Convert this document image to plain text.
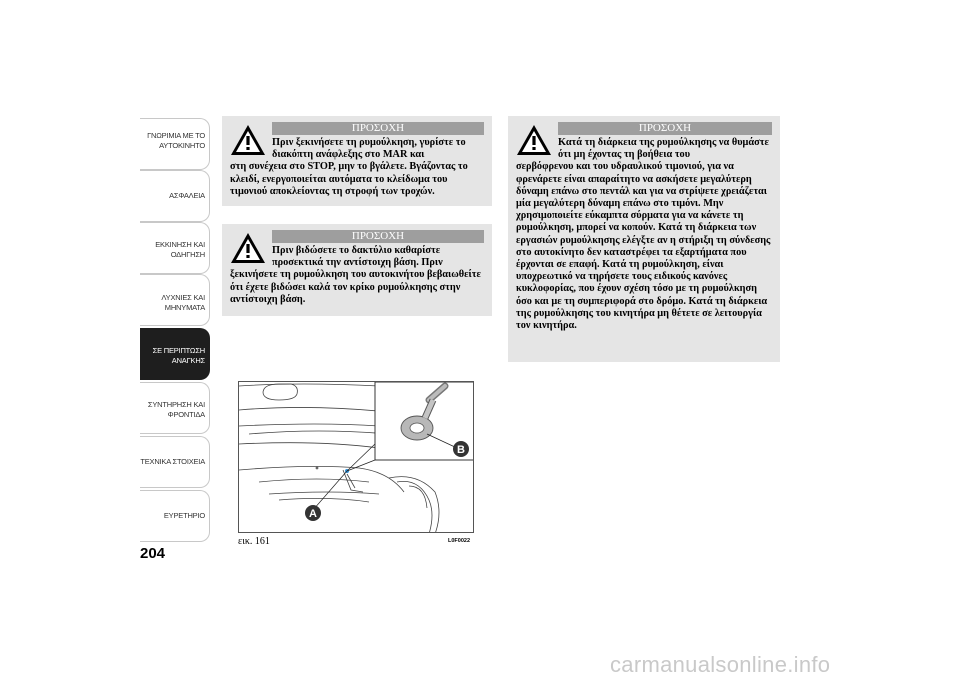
ΓΝΩΡΙΜΙΑ ΜΕ ΤΟ
ΑΥΤΟΚΙΝΗΤΟ
ΑΣΦΑΛΕΙΑ
ΕΚΚΙΝΗΣΗ ΚΑΙ
ΟΔΗΓΗΣΗ
ΛΥΧΝΙΕΣ ΚΑΙ
ΜΗΝΥΜΑΤΑ
ΣΕ ΠΕΡΙΠΤΩΣΗ
ΑΝΑΓΚΗΣ
ΣΥΝΤΗΡΗΣΗ ΚΑΙ
ΦΡΟΝΤΙΔΑ
ΤΕΧΝΙΚΑ ΣΤΟΙΧΕΙΑ
ΕΥΡΕΤΗΡΙΟ
204
ΠΡΟΣΟΧΗ
Πριν ξεκινήσετε τη ρυμούλκηση, γυρίστε το διακόπτη ανάφλεξης στο MAR και
στη συνέχεια στο STOP, μην το βγάλετε. Βγάζοντας το κλειδί, ενεργοποιείται αυτόματα το κλείδωμα του τιμονιού αποκλείοντας τη στροφή των τροχών.
ΠΡΟΣΟΧΗ
Πριν βιδώσετε το δακτύλιο καθαρίστε προσεκτικά την αντίστοιχη βάση. Πριν
ξεκινήσετε τη ρυμούλκηση του αυτοκινήτου βεβαιωθείτε ότι έχετε βιδώσει καλά τον κρίκο ρυμούλκησης στην αντίστοιχη βάση.
ΠΡΟΣΟΧΗ
Κατά τη διάρκεια της ρυμούλκησης να θυμάστε ότι μη έχοντας τη βοήθεια του
σερβόφρενου και του υδραυλικού τιμονιού, για να φρενάρετε είναι απαραίτητο να ασκήσετε μεγαλύτερη δύναμη επάνω στο πεντάλ και για να στρίψετε χρειάζεται μία μεγαλύτερη δύναμη επάνω στο τιμόνι. Μην χρησιμοποιείτε εύκαμπτα σύρματα για να κάνετε τη ρυμούλκηση, μπορεί να κοπούν. Κατά τη διάρκεια των εργασιών ρυμούλκησης ελέγξτε αν η στήριξη τη σύνδεσης στο αυτοκίνητο δεν καταστρέφει τα εξαρτήματα που έρχονται σε επαφή. Κατά τη ρυμούλκηση, είναι υποχρεωτικό να τηρήσετε τους ειδικούς κανόνες κυκλοφορίας, που έχουν σχέση τόσο με τη ρυμούλκηση όσο και με τη συμπεριφορά στο δρόμο. Κατά τη διάρκεια της ρυμούλκησης του κινητήρα μη θέτετε σε λειτουργία τον κινητήρα.
B
A
εικ. 161	L0F0022
carmanualsonline.info
